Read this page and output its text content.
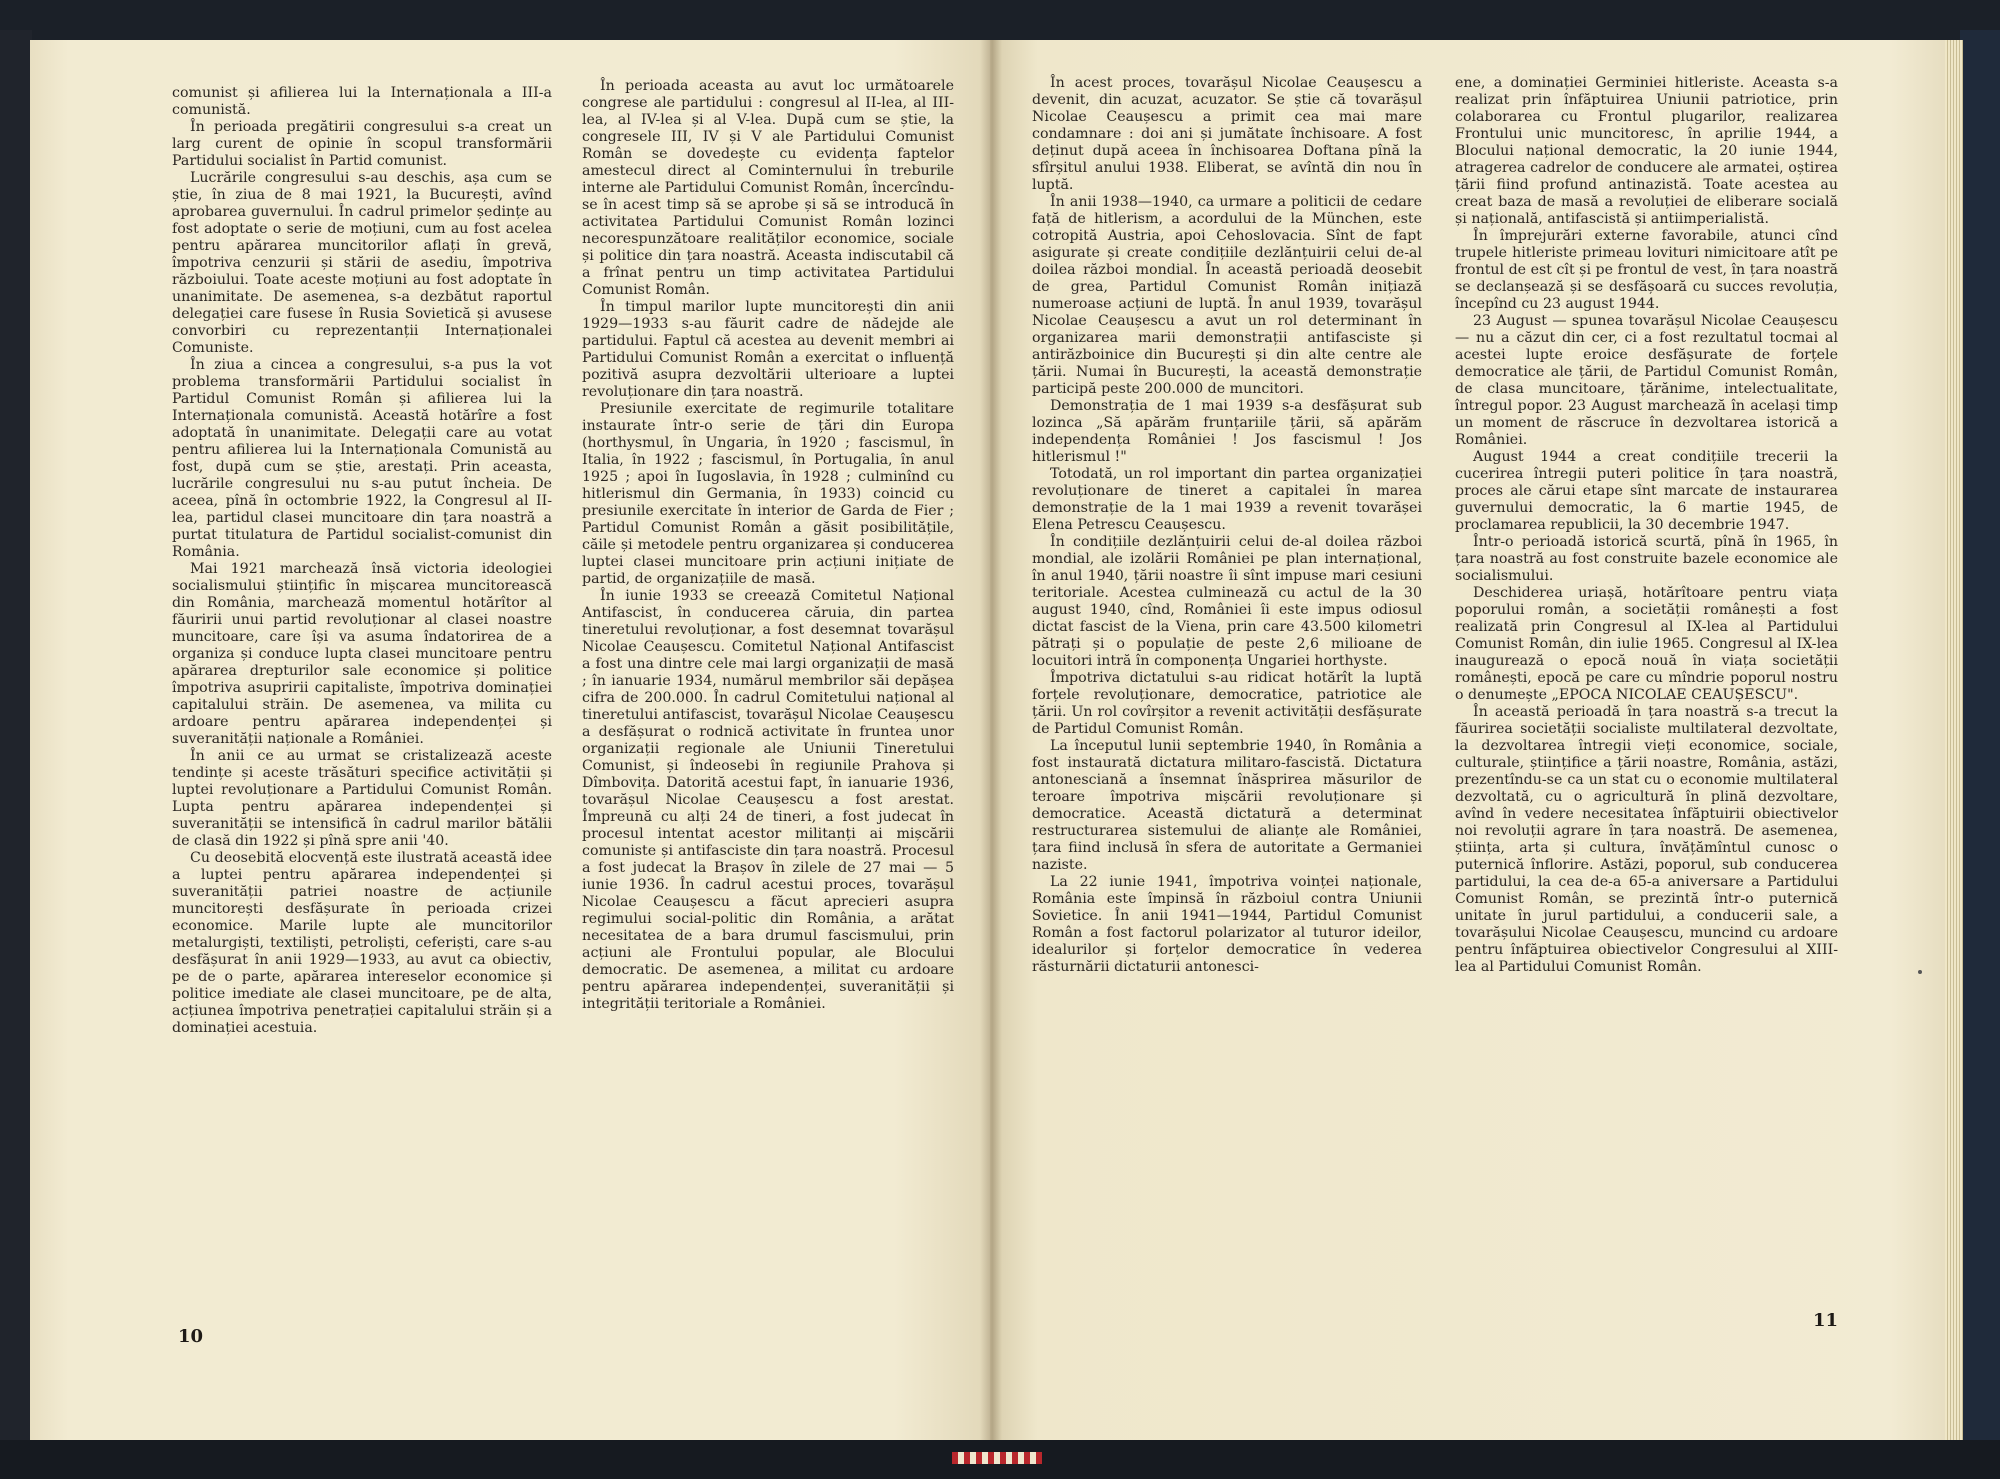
comunist și afilierea lui la Internaționala a III-a comunistă.

În perioada pregătirii congresului s-a creat un larg curent de opinie în scopul transformării Partidului socialist în Partid comunist.

Lucrările congresului s-au deschis, așa cum se știe, în ziua de 8 mai 1921, la București, avînd aprobarea guvernului. În cadrul primelor ședințe au fost adoptate o serie de moțiuni, cum au fost acelea pentru apărarea muncitorilor aflați în grevă, împotriva cenzurii și stării de asediu, împotriva războiului. Toate aceste moțiuni au fost adoptate în unanimitate. De asemenea, s-a dezbătut raportul delegației care fusese în Rusia Sovietică și avusese convorbiri cu reprezentanții Internaționalei Comuniste.

În ziua a cincea a congresului, s-a pus la vot problema transformării Partidului socialist în Partidul Comunist Român și afilierea lui la Internaționala comunistă. Această hotărîre a fost adoptată în unanimitate. Delegații care au votat pentru afilierea lui la Internaționala Comunistă au fost, după cum se știe, arestați. Prin aceasta, lucrările congresului nu s-au putut încheia. De aceea, pînă în octombrie 1922, la Congresul al II-lea, partidul clasei muncitoare din țara noastră a purtat titulatura de Partidul socialist-comunist din România.

Mai 1921 marchează însă victoria ideologiei socialismului științific în mișcarea muncitorească din România, marchează momentul hotărîtor al făuririi unui partid revoluționar al clasei noastre muncitoare, care își va asuma îndatorirea de a organiza și conduce lupta clasei muncitoare pentru apărarea drepturilor sale economice și politice împotriva asupririi capitaliste, împotriva dominației capitalului străin. De asemenea, va milita cu ardoare pentru apărarea independenței și suveranității naționale a României.

În anii ce au urmat se cristalizează aceste tendințe și aceste trăsături specifice activității și luptei revoluționare a Partidului Comunist Român. Lupta pentru apărarea independenței și suveranității se intensifică în cadrul marilor bătălii de clasă din 1922 și pînă spre anii '40.

Cu deosebită elocvență este ilustrată această idee a luptei pentru apărarea independenței și suveranității patriei noastre de acțiunile muncitorești desfășurate în perioada crizei economice. Marile lupte ale muncitorilor metalurgiști, textiliști, petroliști, ceferiști, care s-au desfășurat în anii 1929—1933, au avut ca obiectiv, pe de o parte, apărarea intereselor economice și politice imediate ale clasei muncitoare, pe de alta, acțiunea împotriva penetrației capitalului străin și a dominației acestuia.

În perioada aceasta au avut loc următoarele congrese ale partidului : congresul al II-lea, al III-lea, al IV-lea și al V-lea. După cum se știe, la congresele III, IV și V ale Partidului Comunist Român se dovedește cu evidența faptelor amestecul direct al Cominternului în treburile interne ale Partidului Comunist Român, încercîndu-se în acest timp să se aprobe și să se introducă în activitatea Partidului Comunist Român lozinci necorespunzătoare realităților economice, sociale și politice din țara noastră. Aceasta indiscutabil că a frînat pentru un timp activitatea Partidului Comunist Român.

În timpul marilor lupte muncitorești din anii 1929—1933 s-au făurit cadre de nădejde ale partidului. Faptul că acestea au devenit membri ai Partidului Comunist Român a exercitat o influență pozitivă asupra dezvoltării ulterioare a luptei revoluționare din țara noastră.

Presiunile exercitate de regimurile totalitare instaurate într-o serie de țări din Europa (horthysmul, în Ungaria, în 1920 ; fascismul, în Italia, în 1922 ; fascismul, în Portugalia, în anul 1925 ; apoi în Iugoslavia, în 1928 ; culminînd cu hitlerismul din Germania, în 1933) coincid cu presiunile exercitate în interior de Garda de Fier ; Partidul Comunist Român a găsit posibilitățile, căile și metodele pentru organizarea și conducerea luptei clasei muncitoare prin acțiuni inițiate de partid, de organizațiile de masă.

În iunie 1933 se creează Comitetul Național Antifascist, în conducerea căruia, din partea tineretului revoluționar, a fost desemnat tovarășul Nicolae Ceaușescu. Comitetul Național Antifascist a fost una dintre cele mai largi organizații de masă ; în ianuarie 1934, numărul membrilor săi depășea cifra de 200.000. În cadrul Comitetului național al tineretului antifascist, tovarășul Nicolae Ceaușescu a desfășurat o rodnică activitate în fruntea unor organizații regionale ale Uniunii Tineretului Comunist, și îndeosebi în regiunile Prahova și Dîmbovița. Datorită acestui fapt, în ianuarie 1936, tovarășul Nicolae Ceaușescu a fost arestat. Împreună cu alți 24 de tineri, a fost judecat în procesul intentat acestor militanți ai mișcării comuniste și antifasciste din țara noastră. Procesul a fost judecat la Brașov în zilele de 27 mai — 5 iunie 1936. În cadrul acestui proces, tovarășul Nicolae Ceaușescu a făcut aprecieri asupra regimului social-politic din România, a arătat necesitatea de a bara drumul fascismului, prin acțiuni ale Frontului popular, ale Blocului democratic. De asemenea, a militat cu ardoare pentru apărarea independenței, suveranității și integrității teritoriale a României.

10

În acest proces, tovarășul Nicolae Ceaușescu a devenit, din acuzat, acuzator. Se știe că tovarășul Nicolae Ceaușescu a primit cea mai mare condamnare : doi ani și jumătate închisoare. A fost deținut după aceea în închisoarea Doftana pînă la sfîrșitul anului 1938. Eliberat, se avîntă din nou în luptă.

În anii 1938—1940, ca urmare a politicii de cedare față de hitlerism, a acordului de la München, este cotropită Austria, apoi Cehoslovacia. Sînt de fapt asigurate și create condițiile dezlănțuirii celui de-al doilea război mondial. În această perioadă deosebit de grea, Partidul Comunist Român inițiază numeroase acțiuni de luptă. În anul 1939, tovarășul Nicolae Ceaușescu a avut un rol determinant în organizarea marii demonstrații antifasciste și antirăzboinice din București și din alte centre ale țării. Numai în București, la această demonstrație participă peste 200.000 de muncitori.

Demonstrația de 1 mai 1939 s-a desfășurat sub lozinca „Să apărăm frunțariile țării, să apărăm independența României ! Jos fascismul ! Jos hitlerismul !"

Totodată, un rol important din partea organizației revoluționare de tineret a capitalei în marea demonstrație de la 1 mai 1939 a revenit tovarășei Elena Petrescu Ceaușescu.

În condițiile dezlănțuirii celui de-al doilea război mondial, ale izolării României pe plan internațional, în anul 1940, țării noastre îi sînt impuse mari cesiuni teritoriale. Acestea culminează cu actul de la 30 august 1940, cînd, României îi este impus odiosul dictat fascist de la Viena, prin care 43.500 kilometri pătrați și o populație de peste 2,6 milioane de locuitori intră în componența Ungariei horthyste.

Împotriva dictatului s-au ridicat hotărît la luptă forțele revoluționare, democratice, patriotice ale țării. Un rol covîrșitor a revenit activității desfășurate de Partidul Comunist Român.

La începutul lunii septembrie 1940, în România a fost instaurată dictatura militaro-fascistă. Dictatura antonesciană a însemnat înăsprirea măsurilor de teroare împotriva mișcării revoluționare și democratice. Această dictatură a determinat restructurarea sistemului de alianțe ale României, țara fiind inclusă în sfera de autoritate a Germaniei naziste.

La 22 iunie 1941, împotriva voinței naționale, România este împinsă în războiul contra Uniunii Sovietice. În anii 1941—1944, Partidul Comunist Român a fost factorul polarizator al tuturor ideilor, idealurilor și forțelor democratice în vederea răsturnării dictaturii antonesci-

ene, a dominației Germiniei hitleriste. Aceasta s-a realizat prin înfăptuirea Uniunii patriotice, prin colaborarea cu Frontul plugarilor, realizarea Frontului unic muncitoresc, în aprilie 1944, a Blocului național democratic, la 20 iunie 1944, atragerea cadrelor de conducere ale armatei, oștirea țării fiind profund antinazistă. Toate acestea au creat baza de masă a revoluției de eliberare socială și națională, antifascistă și antiimperialistă.

În împrejurări externe favorabile, atunci cînd trupele hitleriste primeau lovituri nimicitoare atît pe frontul de est cît și pe frontul de vest, în țara noastră se declanșează și se desfășoară cu succes revoluția, începînd cu 23 august 1944.

23 August — spunea tovarășul Nicolae Ceaușescu — nu a căzut din cer, ci a fost rezultatul tocmai al acestei lupte eroice desfășurate de forțele democratice ale țării, de Partidul Comunist Român, de clasa muncitoare, țărănime, intelectualitate, întregul popor. 23 August marchează în același timp un moment de răscruce în dezvoltarea istorică a României.

August 1944 a creat condițiile trecerii la cucerirea întregii puteri politice în țara noastră, proces ale cărui etape sînt marcate de instaurarea guvernului democratic, la 6 martie 1945, de proclamarea republicii, la 30 decembrie 1947.

Într-o perioadă istorică scurtă, pînă în 1965, în țara noastră au fost construite bazele economice ale socialismului.

Deschiderea uriașă, hotărîtoare pentru viața poporului român, a societății românești a fost realizată prin Congresul al IX-lea al Partidului Comunist Român, din iulie 1965. Congresul al IX-lea inaugurează o epocă nouă în viața societății românești, epocă pe care cu mîndrie poporul nostru o denumește „EPOCA NICOLAE CEAUȘESCU".

În această perioadă în țara noastră s-a trecut la făurirea societății socialiste multilateral dezvoltate, la dezvoltarea întregii vieți economice, sociale, culturale, științifice a țării noastre, România, astăzi, prezentîndu-se ca un stat cu o economie multilateral dezvoltată, cu o agricultură în plină dezvoltare, avînd în vedere necesitatea înfăptuirii obiectivelor noi revoluții agrare în țara noastră. De asemenea, știința, arta și cultura, învățămîntul cunosc o puternică înflorire. Astăzi, poporul, sub conducerea partidului, la cea de-a 65-a aniversare a Partidului Comunist Român, se prezintă într-o puternică unitate în jurul partidului, a conducerii sale, a tovarășului Nicolae Ceaușescu, muncind cu ardoare pentru înfăptuirea obiectivelor Congresului al XIII-lea al Partidului Comunist Român.

11
